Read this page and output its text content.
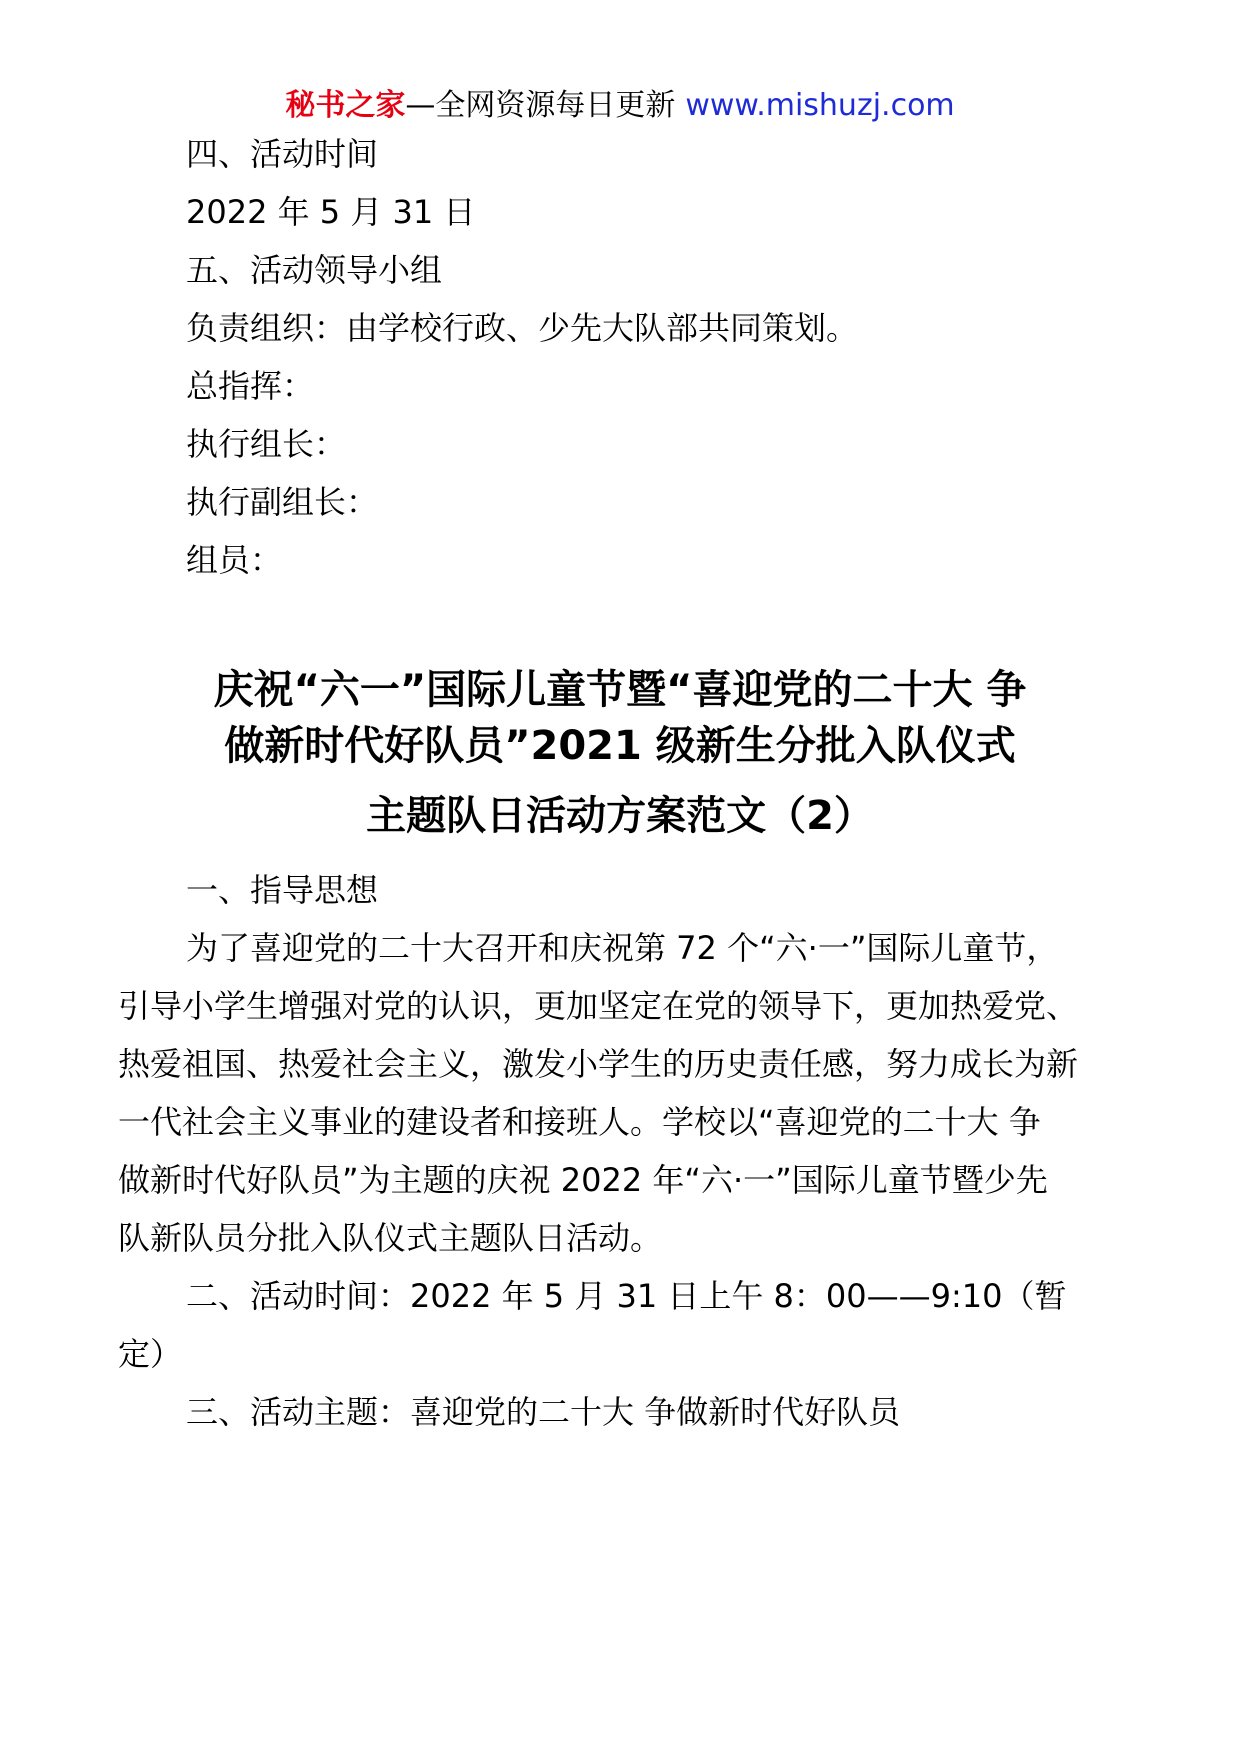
秘书之家—全网资源每日更新 www.mishuzj.com
四、活动时间
2022 年 5 月 31 日
五、活动领导小组
负责组织：由学校行政、少先大队部共同策划。
总指挥：
执行组长：
执行副组长：
组员：
庆祝“六一”国际儿童节暨“喜迎党的二十大 争
做新时代好队员”2021 级新生分批入队仪式
主题队日活动方案范文（2）
一、指导思想
为了喜迎党的二十大召开和庆祝第 72 个“六·一”国际儿童节，
引导小学生增强对党的认识，更加坚定在党的领导下，更加热爱党、
热爱祖国、热爱社会主义，激发小学生的历史责任感，努力成长为新
一代社会主义事业的建设者和接班人。学校以“喜迎党的二十大 争
做新时代好队员”为主题的庆祝 2022 年“六·一”国际儿童节暨少先
队新队员分批入队仪式主题队日活动。
二、活动时间：2022 年 5 月 31 日上午 8：00——9:10（暂
定）
三、活动主题：喜迎党的二十大 争做新时代好队员
